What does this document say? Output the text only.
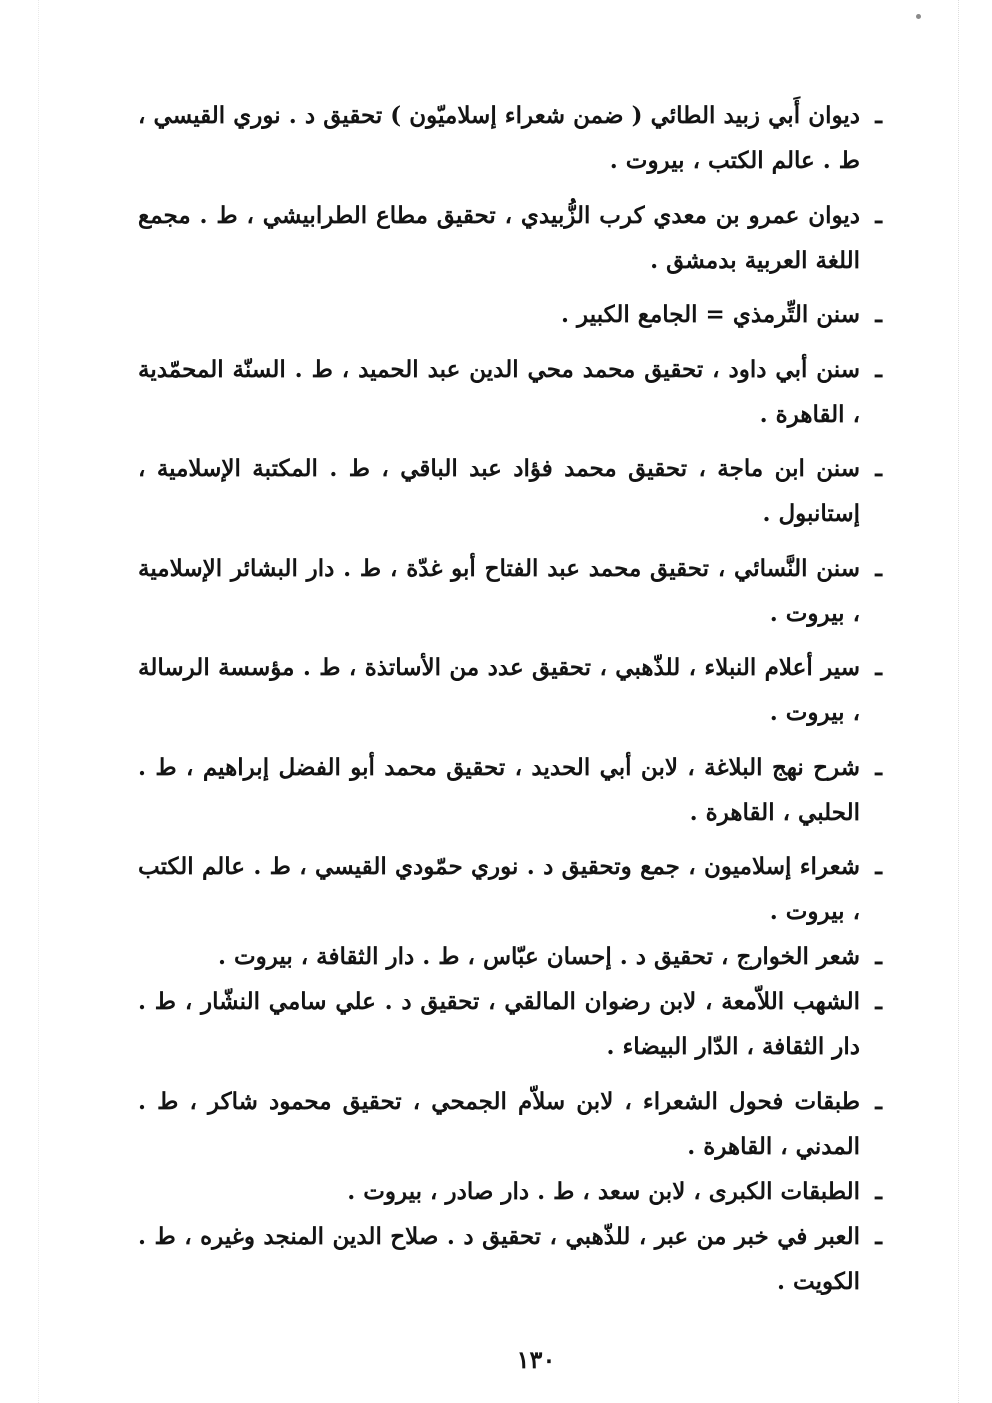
ـ
ديوان أَبي زبيد الطائي ( ضمن شعراء إسلاميّون ) تحقيق د . نوري القيسي ، ط . عالم الكتب ، بيروت .
ـ
ديوان عمرو بن معدي كرب الزُّبيدي ، تحقيق مطاع الطرابيشي ، ط . مجمع اللغة العربية بدمشق .
ـ
سنن التِّرمذي = الجامع الكبير .
ـ
سنن أبي داود ، تحقيق محمد محي الدين عبد الحميد ، ط . السنّة المحمّدية ، القاهرة .
ـ
سنن ابن ماجة ، تحقيق محمد فؤاد عبد الباقي ، ط . المكتبة الإسلامية ، إستانبول .
ـ
سنن النَّسائي ، تحقيق محمد عبد الفتاح أبو غدّة ، ط . دار البشائر الإسلامية ، بيروت .
ـ
سير أعلام النبلاء ، للذّهبي ، تحقيق عدد من الأساتذة ، ط . مؤسسة الرسالة ، بيروت .
ـ
شرح نهج البلاغة ، لابن أبي الحديد ، تحقيق محمد أبو الفضل إبراهيم ، ط . الحلبي ، القاهرة .
ـ
شعراء إسلاميون ، جمع وتحقيق د . نوري حمّودي القيسي ، ط . عالم الكتب ، بيروت .
ـ
شعر الخوارج ، تحقيق د . إحسان عبّاس ، ط . دار الثقافة ، بيروت .
ـ
الشهب اللاّمعة ، لابن رضوان المالقي ، تحقيق د . علي سامي النشّار ، ط . دار الثقافة ، الدّار البيضاء .
ـ
طبقات فحول الشعراء ، لابن سلاّم الجمحي ، تحقيق محمود شاكر ، ط . المدني ، القاهرة .
ـ
الطبقات الكبرى ، لابن سعد ، ط . دار صادر ، بيروت .
ـ
العبر في خبر من عبر ، للذّهبي ، تحقيق د . صلاح الدين المنجد وغيره ، ط . الكويت .
١٣٠
